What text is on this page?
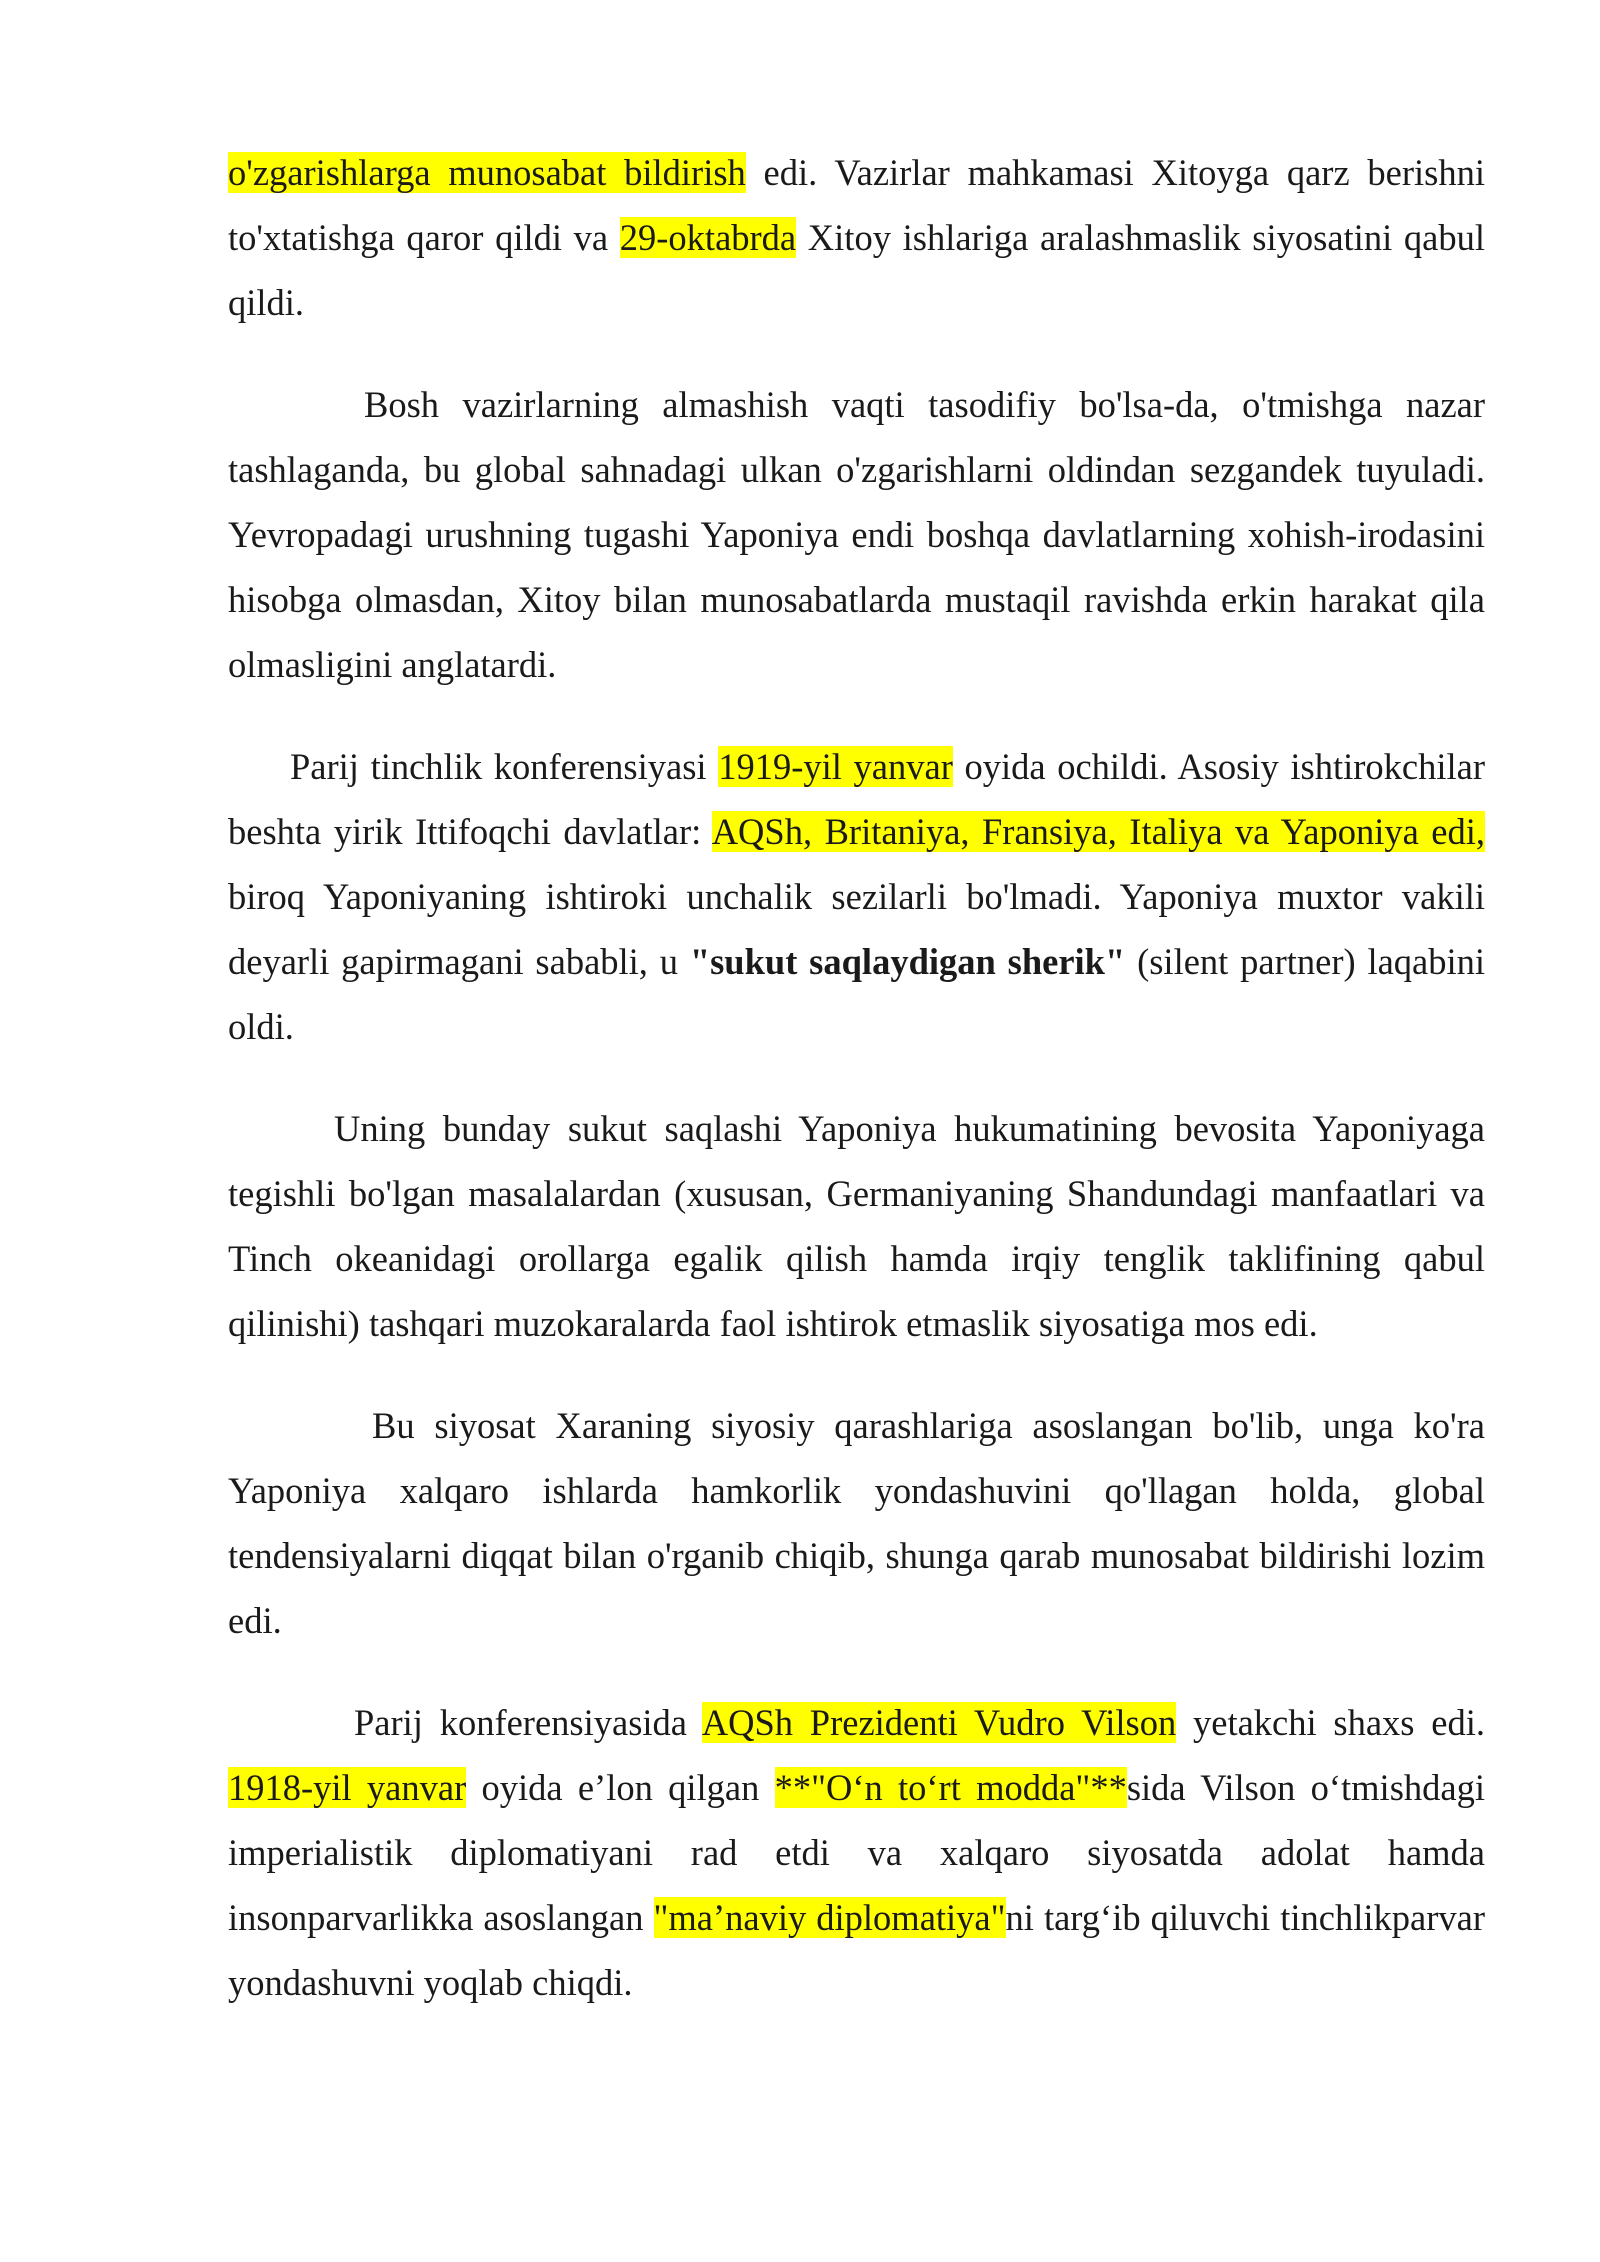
o'zgarishlarga munosabat bildirish edi. Vazirlar mahkamasi Xitoyga qarz berishni to'xtatishga qaror qildi va 29-oktabrda Xitoy ishlariga aralashmaslik siyosatini qabul qildi.

Bosh vazirlarning almashish vaqti tasodifiy bo'lsa-da, o'tmishga nazar tashlaganda, bu global sahnadagi ulkan o'zgarishlarni oldindan sezgandek tuyuladi. Yevropadagi urushning tugashi Yaponiya endi boshqa davlatlarning xohish-irodasini hisobga olmasdan, Xitoy bilan munosabatlarda mustaqil ravishda erkin harakat qila olmasligini anglatardi.

Parij tinchlik konferensiyasi 1919-yil yanvar oyida ochildi. Asosiy ishtirokchilar beshta yirik Ittifoqchi davlatlar: AQSh, Britaniya, Fransiya, Italiya va Yaponiya edi, biroq Yaponiyaning ishtiroki unchalik sezilarli bo'lmadi. Yaponiya muxtor vakili deyarli gapirmagani sababli, u "sukut saqlaydigan sherik" (silent partner) laqabini oldi.

Uning bunday sukut saqlashi Yaponiya hukumatining bevosita Yaponiyaga tegishli bo'lgan masalalardan (xususan, Germaniyaning Shandundagi manfaatlari va Tinch okeanidagi orollarga egalik qilish hamda irqiy tenglik taklifining qabul qilinishi) tashqari muzokaralarda faol ishtirok etmaslik siyosatiga mos edi.

Bu siyosat Xaraning siyosiy qarashlariga asoslangan bo'lib, unga ko'ra Yaponiya xalqaro ishlarda hamkorlik yondashuvini qo'llagan holda, global tendensiyalarni diqqat bilan o'rganib chiqib, shunga qarab munosabat bildirishi lozim edi.

Parij konferensiyasida AQSh Prezidenti Vudro Vilson yetakchi shaxs edi. 1918-yil yanvar oyida e’lon qilgan **"O‘n to‘rt modda"**sida Vilson o‘tmishdagi imperialistik diplomatiyani rad etdi va xalqaro siyosatda adolat hamda insonparvarlikka asoslangan "ma’naviy diplomatiya"ni targ‘ib qiluvchi tinchlikparvar yondashuvni yoqlab chiqdi.
